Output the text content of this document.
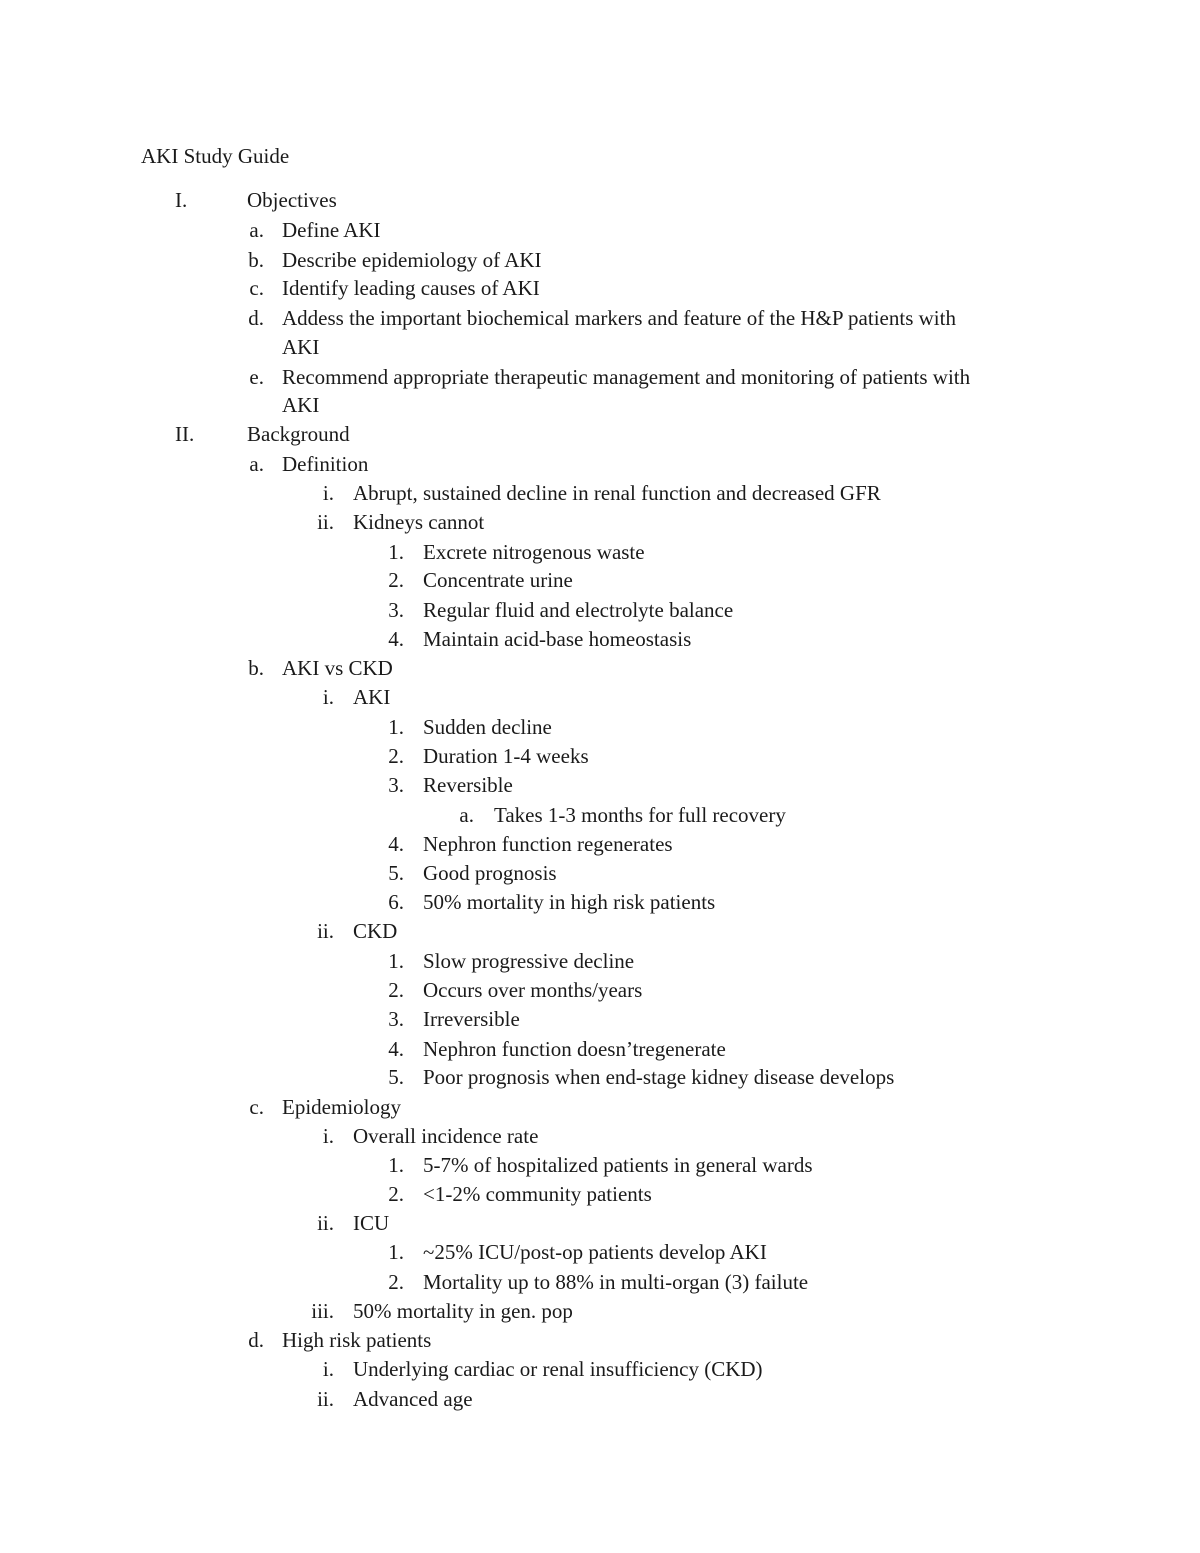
AKI Study Guide
I.	Objectives
a. Define AKI
b. Describe epidemiology of AKI
c. Identify leading causes of AKI
d. Addess the important biochemical markers and feature of the H&P patients with
AKI
e. Recommend appropriate therapeutic management and monitoring of patients with
AKI
II.	Background
a. Definition
i. Abrupt, sustained decline in renal function and decreased GFR
ii. Kidneys cannot
1. Excrete nitrogenous waste
2. Concentrate urine
3. Regular fluid and electrolyte balance
4. Maintain acid-base homeostasis
b. AKI vs CKD
i. AKI
1. Sudden decline
2. Duration 1-4 weeks
3. Reversible
a. Takes 1-3 months for full recovery
4. Nephron function regenerates
5. Good prognosis
6. 50% mortality in high risk patients
ii. CKD
1. Slow progressive decline
2. Occurs over months/years
3. Irreversible
4. Nephron function doesn’tregenerate
5. Poor prognosis when end-stage kidney disease develops
c. Epidemiology
i. Overall incidence rate
1. 5-7% of hospitalized patients in general wards
2. <1-2% community patients
ii. ICU
1. ~25% ICU/post-op patients develop AKI
2. Mortality up to 88% in multi-organ (3) failute
iii. 50% mortality in gen. pop
d. High risk patients
i. Underlying cardiac or renal insufficiency (CKD)
ii. Advanced age
